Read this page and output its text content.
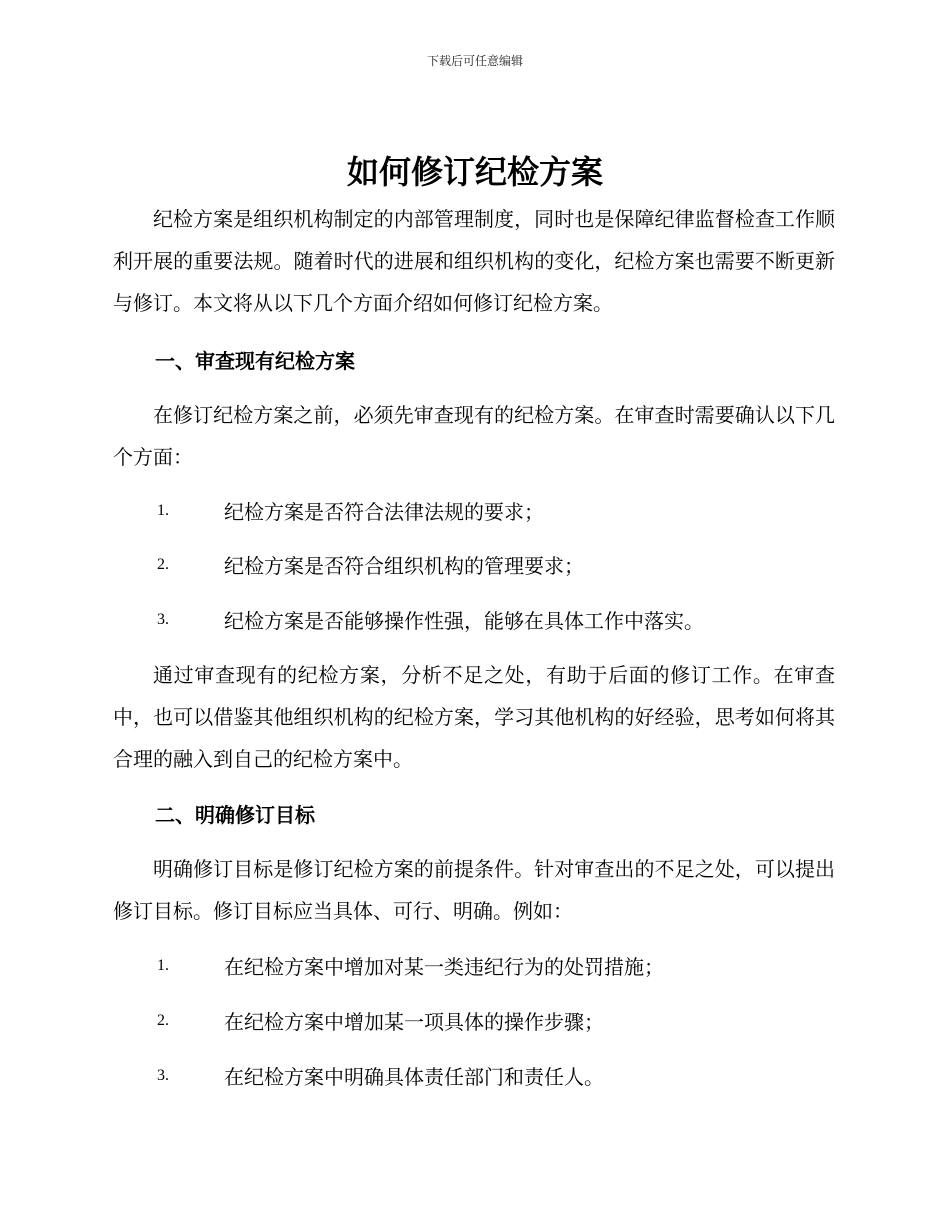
下载后可任意编辑
如何修订纪检方案

纪检方案是组织机构制定的内部管理制度，同时也是保障纪律监督检查工作顺利开展的重要法规。随着时代的进展和组织机构的变化，纪检方案也需要不断更新与修订。本文将从以下几个方面介绍如何修订纪检方案。

一、审查现有纪检方案

在修订纪检方案之前，必须先审查现有的纪检方案。在审查时需要确认以下几个方面：

1.	纪检方案是否符合法律法规的要求；
2.	纪检方案是否符合组织机构的管理要求；
3.	纪检方案是否能够操作性强，能够在具体工作中落实。

通过审查现有的纪检方案，分析不足之处，有助于后面的修订工作。在审查中，也可以借鉴其他组织机构的纪检方案，学习其他机构的好经验，思考如何将其合理的融入到自己的纪检方案中。

二、明确修订目标

明确修订目标是修订纪检方案的前提条件。针对审查出的不足之处，可以提出修订目标。修订目标应当具体、可行、明确。例如：

1.	在纪检方案中增加对某一类违纪行为的处罚措施；
2.	在纪检方案中增加某一项具体的操作步骤；
3.	在纪检方案中明确具体责任部门和责任人。
